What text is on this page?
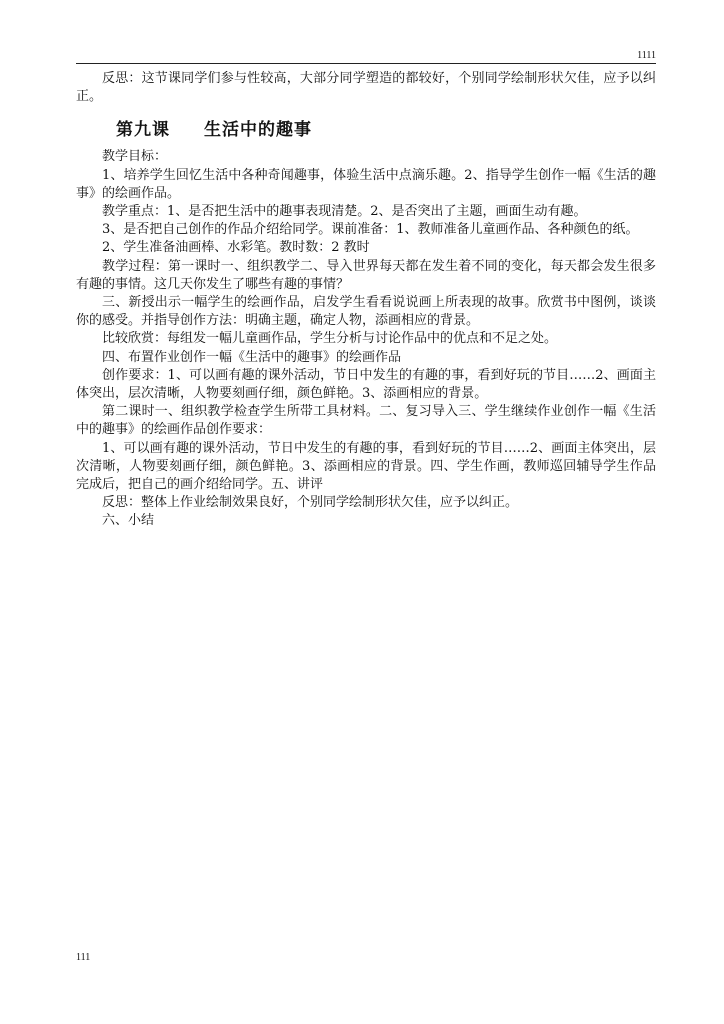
1111

反思：这节课同学们参与性较高，大部分同学塑造的都较好，个别同学绘制形状欠佳，应予以纠正。

第九课 生活中的趣事

教学目标：

1、培养学生回忆生活中各种奇闻趣事，体验生活中点滴乐趣。2、指导学生创作一幅《生活的趣事》的绘画作品。

教学重点：1、是否把生活中的趣事表现清楚。2、是否突出了主题，画面生动有趣。

3、是否把自己创作的作品介绍给同学。课前准备：1、教师准备儿童画作品、各种颜色的纸。

2、学生准备油画棒、水彩笔。教时数：2 教时

教学过程：第一课时一、组织教学二、导入世界每天都在发生着不同的变化，每天都会发生很多有趣的事情。这几天你发生了哪些有趣的事情？

三、新授出示一幅学生的绘画作品，启发学生看看说说画上所表现的故事。欣赏书中图例，谈谈你的感受。并指导创作方法：明确主题，确定人物，添画相应的背景。

比较欣赏：每组发一幅儿童画作品，学生分析与讨论作品中的优点和不足之处。

四、布置作业创作一幅《生活中的趣事》的绘画作品

创作要求：1、可以画有趣的课外活动，节日中发生的有趣的事，看到好玩的节目……2、画面主体突出，层次清晰，人物要刻画仔细，颜色鲜艳。3、添画相应的背景。

第二课时一、组织教学检查学生所带工具材料。二、复习导入三、学生继续作业创作一幅《生活中的趣事》的绘画作品创作要求：

1、可以画有趣的课外活动，节日中发生的有趣的事，看到好玩的节目……2、画面主体突出，层次清晰，人物要刻画仔细，颜色鲜艳。3、添画相应的背景。四、学生作画，教师巡回辅导学生作品完成后，把自己的画介绍给同学。五、讲评

反思：整体上作业绘制效果良好，个别同学绘制形状欠佳，应予以纠正。

六、小结

111
